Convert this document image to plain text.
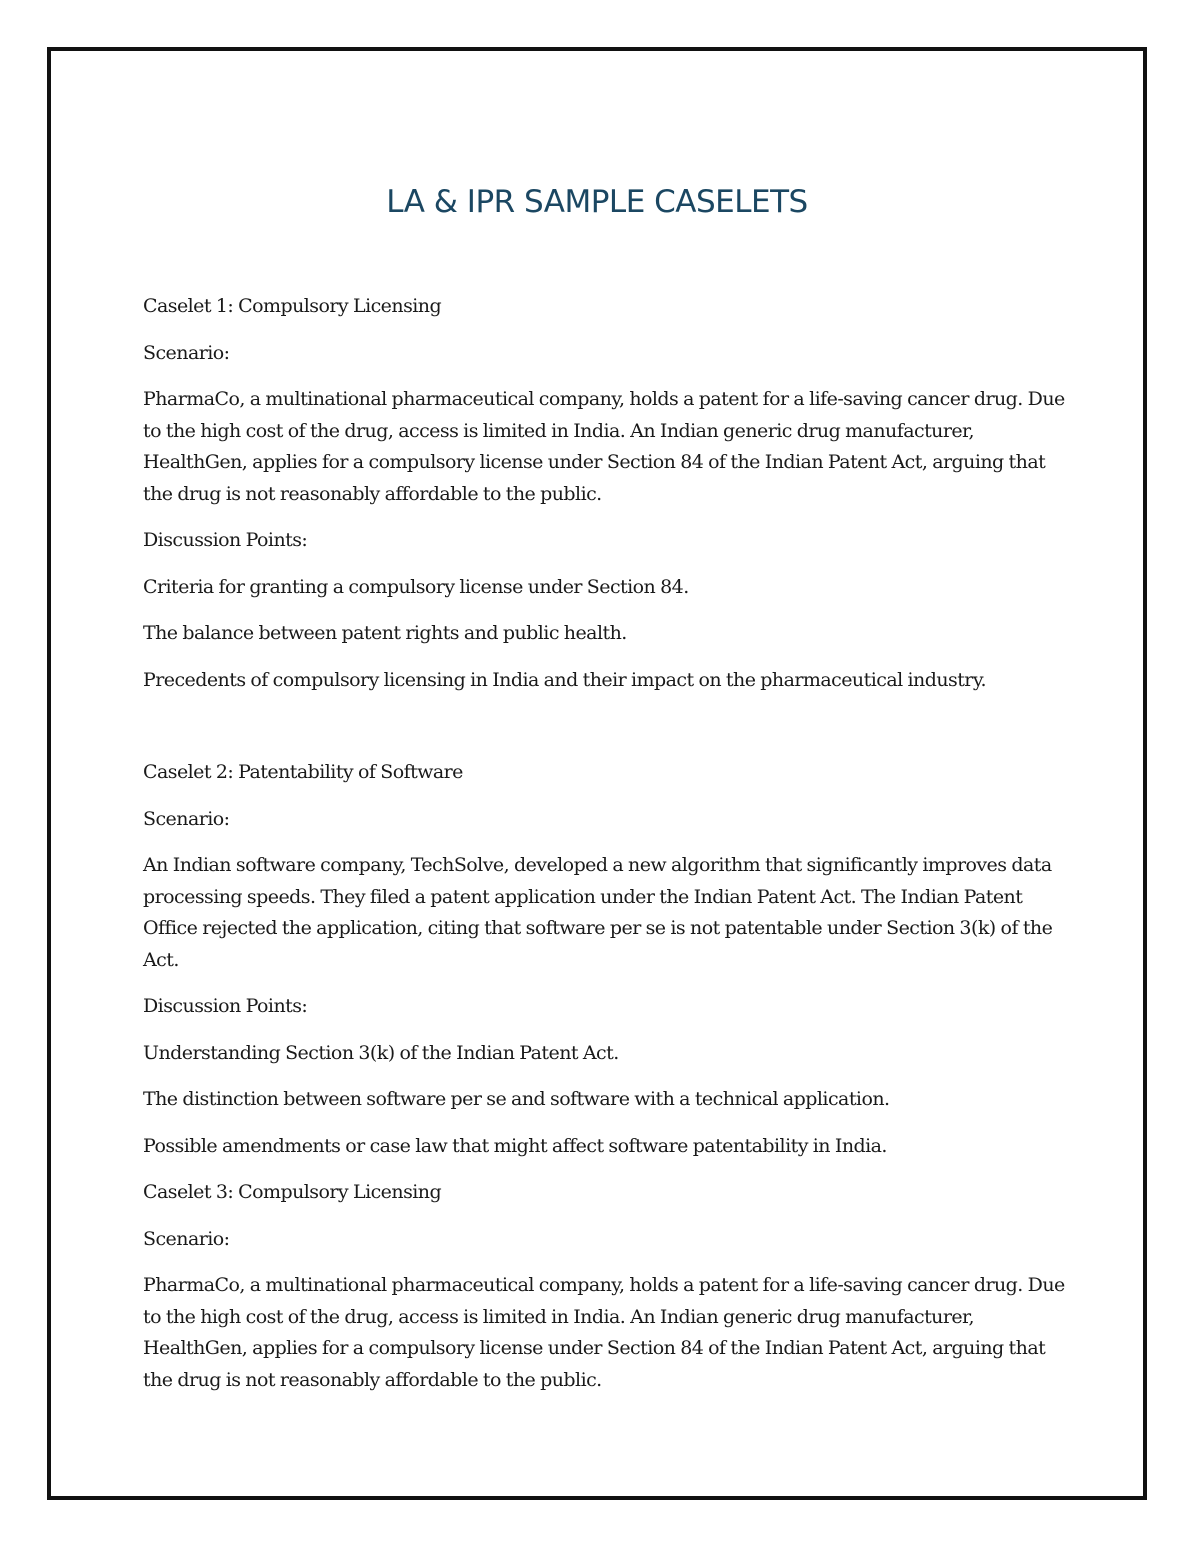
LA & IPR SAMPLE CASELETS

Caselet 1: Compulsory Licensing

Scenario:

PharmaCo, a multinational pharmaceutical company, holds a patent for a life-saving cancer drug. Due to the high cost of the drug, access is limited in India. An Indian generic drug manufacturer, HealthGen, applies for a compulsory license under Section 84 of the Indian Patent Act, arguing that the drug is not reasonably affordable to the public.

Discussion Points:

Criteria for granting a compulsory license under Section 84.

The balance between patent rights and public health.

Precedents of compulsory licensing in India and their impact on the pharmaceutical industry.

Caselet 2: Patentability of Software

Scenario:

An Indian software company, TechSolve, developed a new algorithm that significantly improves data processing speeds. They filed a patent application under the Indian Patent Act. The Indian Patent Office rejected the application, citing that software per se is not patentable under Section 3(k) of the Act.

Discussion Points:

Understanding Section 3(k) of the Indian Patent Act.

The distinction between software per se and software with a technical application.

Possible amendments or case law that might affect software patentability in India.

Caselet 3: Compulsory Licensing

Scenario:

PharmaCo, a multinational pharmaceutical company, holds a patent for a life-saving cancer drug. Due to the high cost of the drug, access is limited in India. An Indian generic drug manufacturer, HealthGen, applies for a compulsory license under Section 84 of the Indian Patent Act, arguing that the drug is not reasonably affordable to the public.
